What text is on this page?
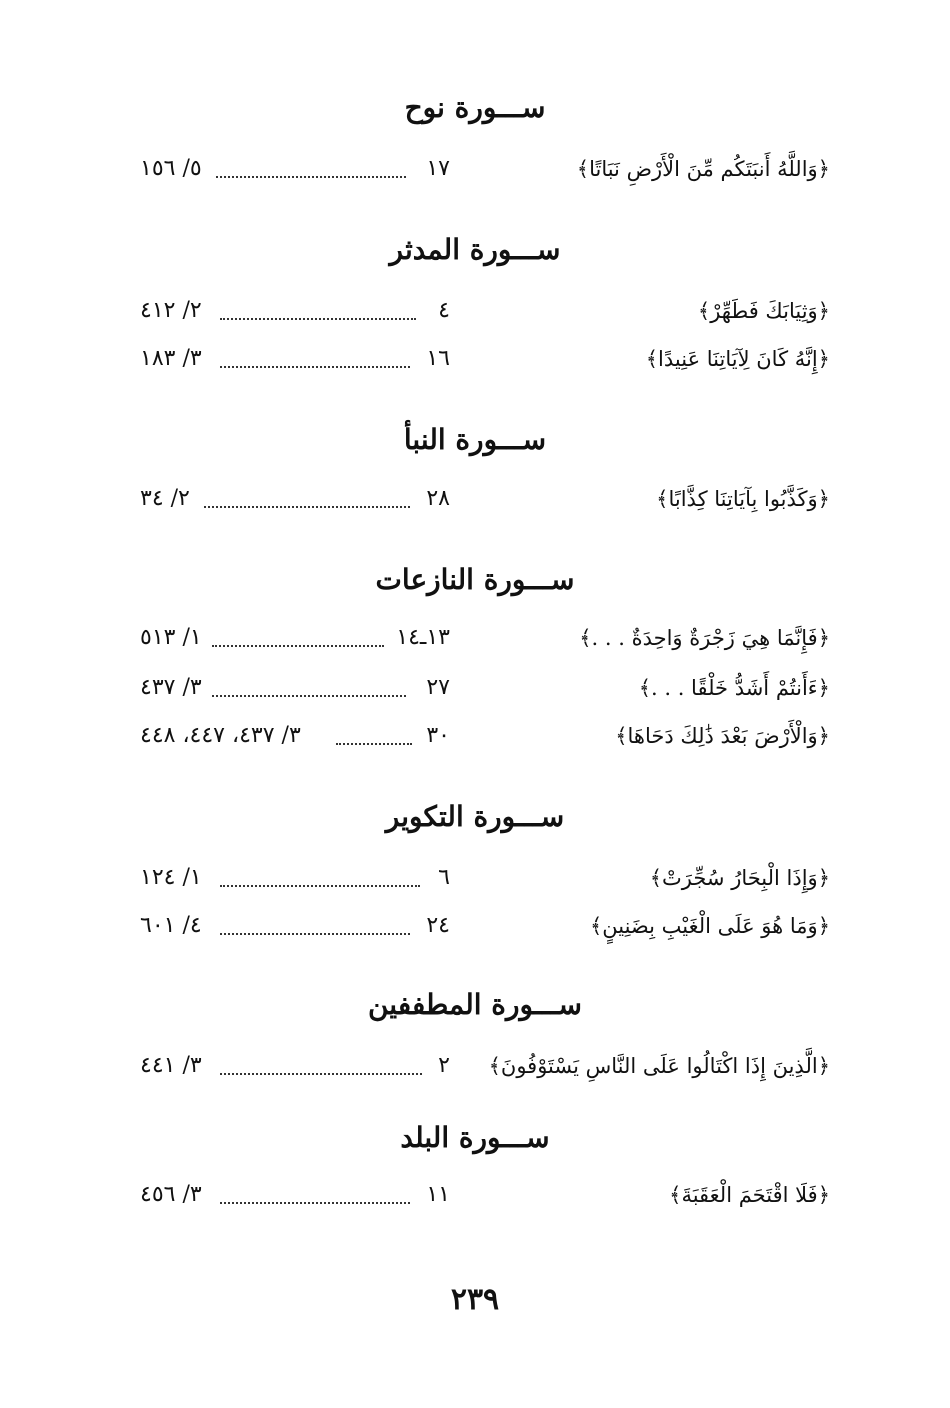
ســـورة نوح
﴿وَاللَّهُ أَنبَتَكُم مِّنَ الْأَرْضِ نَبَاتًا﴾
١٧
٥/ ١٥٦
ســـورة المدثر
﴿وَثِيَابَكَ فَطَهِّرْ﴾
٤
٢/ ٤١٢
﴿إِنَّهُ كَانَ لِآيَاتِنَا عَنِيدًا﴾
١٦
٣/ ١٨٣
ســـورة النبأ
﴿وَكَذَّبُوا بِآيَاتِنَا كِذَّابًا﴾
٢٨
٢/ ٣٤
ســـورة النازعات
﴿فَإِنَّمَا هِيَ زَجْرَةٌ وَاحِدَةٌ . . .﴾
١٣ـ١٤
١/ ٥١٣
﴿ءَأَنتُمْ أَشَدُّ خَلْقًا . . .﴾
٢٧
٣/ ٤٣٧
﴿وَالْأَرْضَ بَعْدَ ذَٰلِكَ دَحَاهَا﴾
٣٠
٣/ ٤٣٧، ٤٤٧، ٤٤٨
ســـورة التكوير
﴿وَإِذَا الْبِحَارُ سُجِّرَتْ﴾
٦
١/ ١٢٤
﴿وَمَا هُوَ عَلَى الْغَيْبِ بِضَنِينٍ﴾
٢٤
٤/ ٦٠١
ســـورة المطففين
﴿الَّذِينَ إِذَا اكْتَالُوا عَلَى النَّاسِ يَسْتَوْفُونَ﴾
٢
٣/ ٤٤١
ســـورة البلد
﴿فَلَا اقْتَحَمَ الْعَقَبَةَ﴾
١١
٣/ ٤٥٦
٢٣٩
